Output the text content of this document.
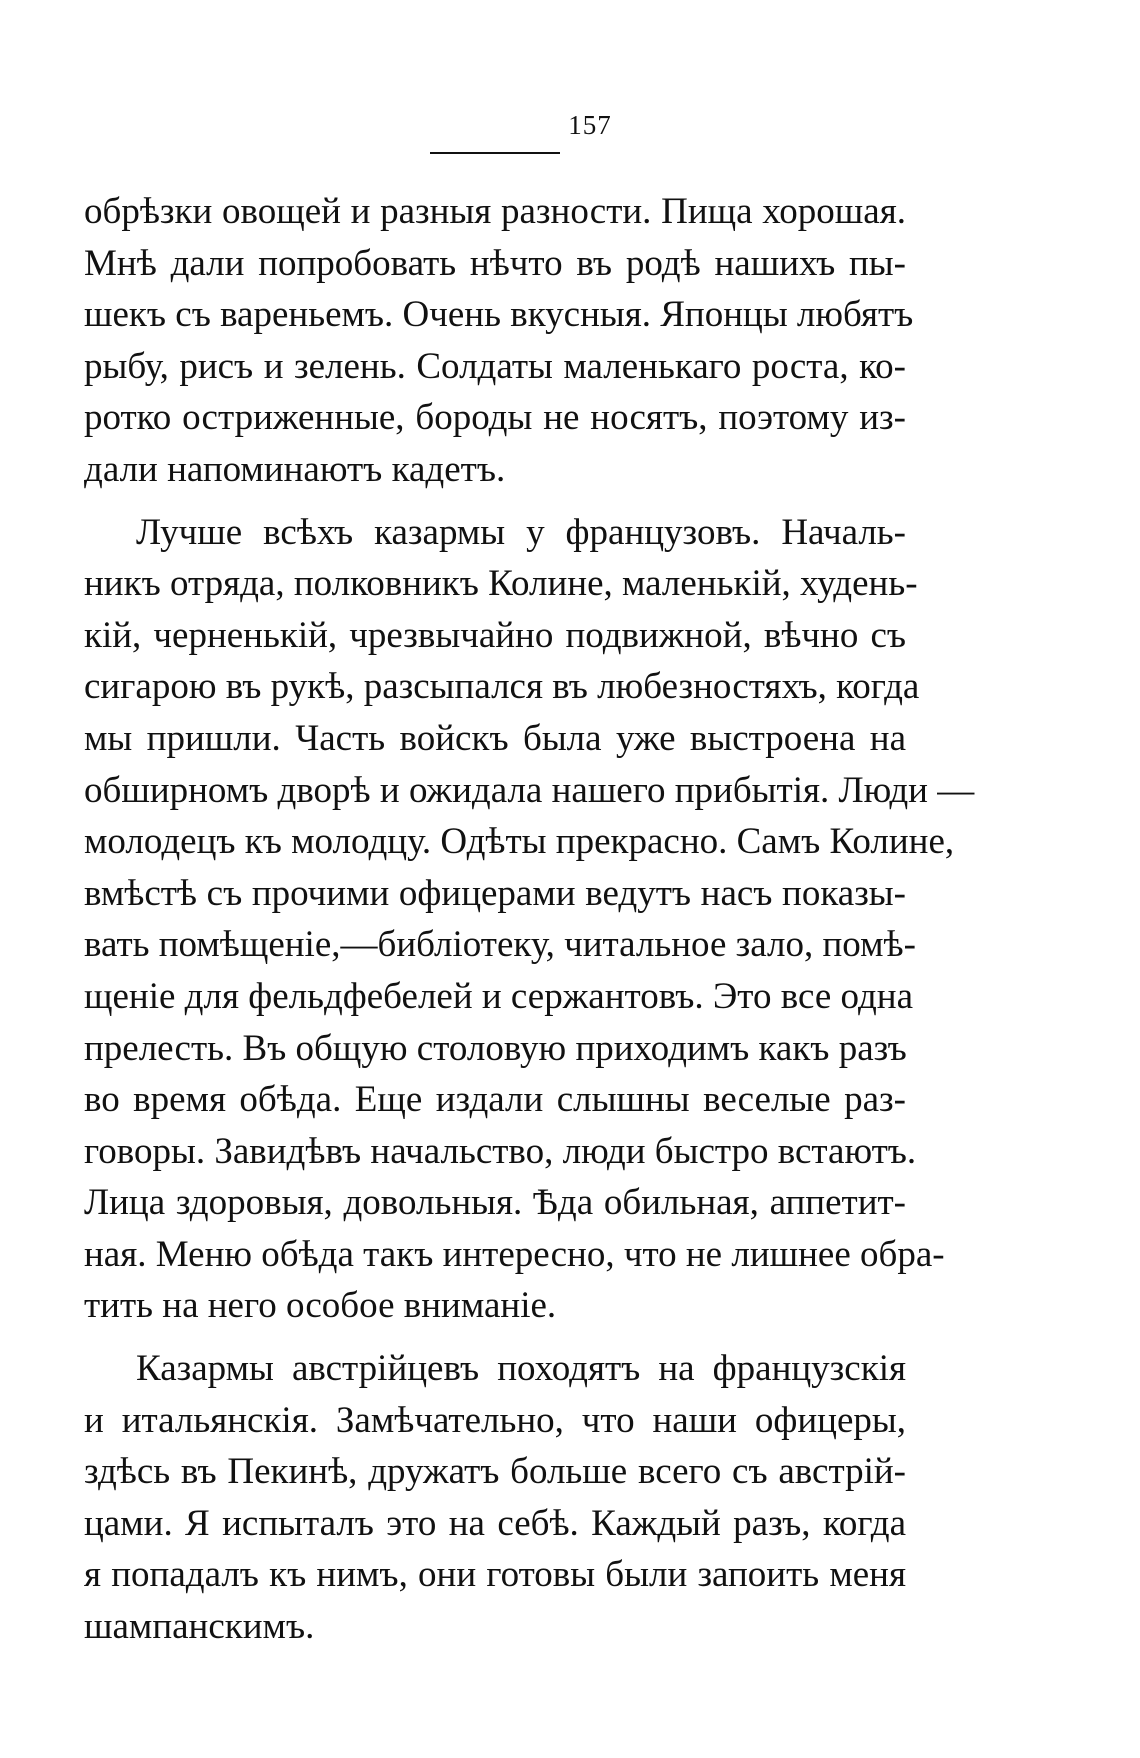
157
обрѣзки овощей и разныя разности. Пища хорошая.
Мнѣ дали попробовать нѣчто въ родѣ нашихъ пы-
шекъ съ вареньемъ. Очень вкусныя. Японцы любятъ
рыбу, рисъ и зелень. Солдаты маленькаго роста, ко-
ротко остриженные, бороды не носятъ, поэтому из-
дали напоминаютъ кадетъ.
Лучше всѣхъ казармы у французовъ. Началь-
никъ отряда, полковникъ Колине, маленькій, худень-
кій, черненькій, чрезвычайно подвижной, вѣчно съ
сигарою въ рукѣ, разсыпался въ любезностяхъ, когда
мы пришли. Часть войскъ была уже выстроена на
обширномъ дворѣ и ожидала нашего прибытія. Люди —
молодецъ къ молодцу. Одѣты прекрасно. Самъ Колине,
вмѣстѣ съ прочими офицерами ведутъ насъ показы-
вать помѣщеніе,—библіотеку, читальное зало, помѣ-
щеніе для фельдфебелей и сержантовъ. Это все одна
прелесть. Въ общую столовую приходимъ какъ разъ
во время обѣда. Еще издали слышны веселые раз-
говоры. Завидѣвъ начальство, люди быстро встаютъ.
Лица здоровыя, довольныя. Ѣда обильная, аппетит-
ная. Меню обѣда такъ интересно, что не лишнее обра-
тить на него особое вниманіе.
Казармы австрійцевъ походятъ на французскія
и итальянскія. Замѣчательно, что наши офицеры,
здѣсь въ Пекинѣ, дружатъ больше всего съ австрій-
цами. Я испыталъ это на себѣ. Каждый разъ, когда
я попадалъ къ нимъ, они готовы были запоить меня
шампанскимъ.
